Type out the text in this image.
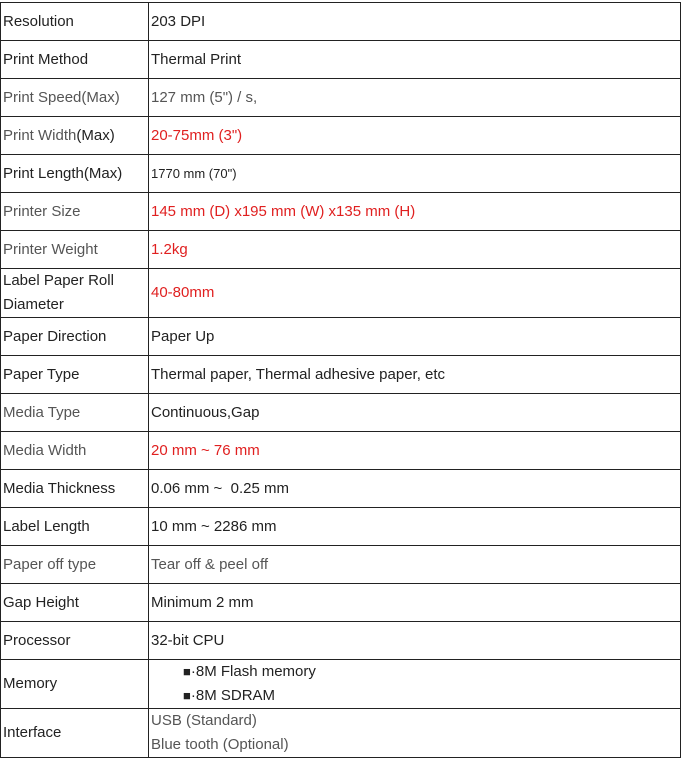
Resolution	203 DPI
Print Method	Thermal Print
Print Speed(Max)	127 mm (5") / s,
Print Width(Max)	20-75mm (3")
Print Length(Max)	1770 mm (70")
Printer Size	145 mm (D) x195 mm (W) x135 mm (H)
Printer Weight	1.2kg
Label Paper Roll Diameter	40-80mm
Paper Direction	Paper Up
Paper Type	Thermal paper, Thermal adhesive paper, etc
Media Type	Continuous,Gap
Media Width	20 mm ~ 76 mm
Media Thickness	0.06 mm ~  0.25 mm
Label Length	10 mm ~ 2286 mm
Paper off type	Tear off & peel off
Gap Height	Minimum 2 mm
Processor	32-bit CPU
Memory	■·8M Flash memory
■·8M SDRAM

Interface	USB (Standard)
Blue tooth (Optional)
